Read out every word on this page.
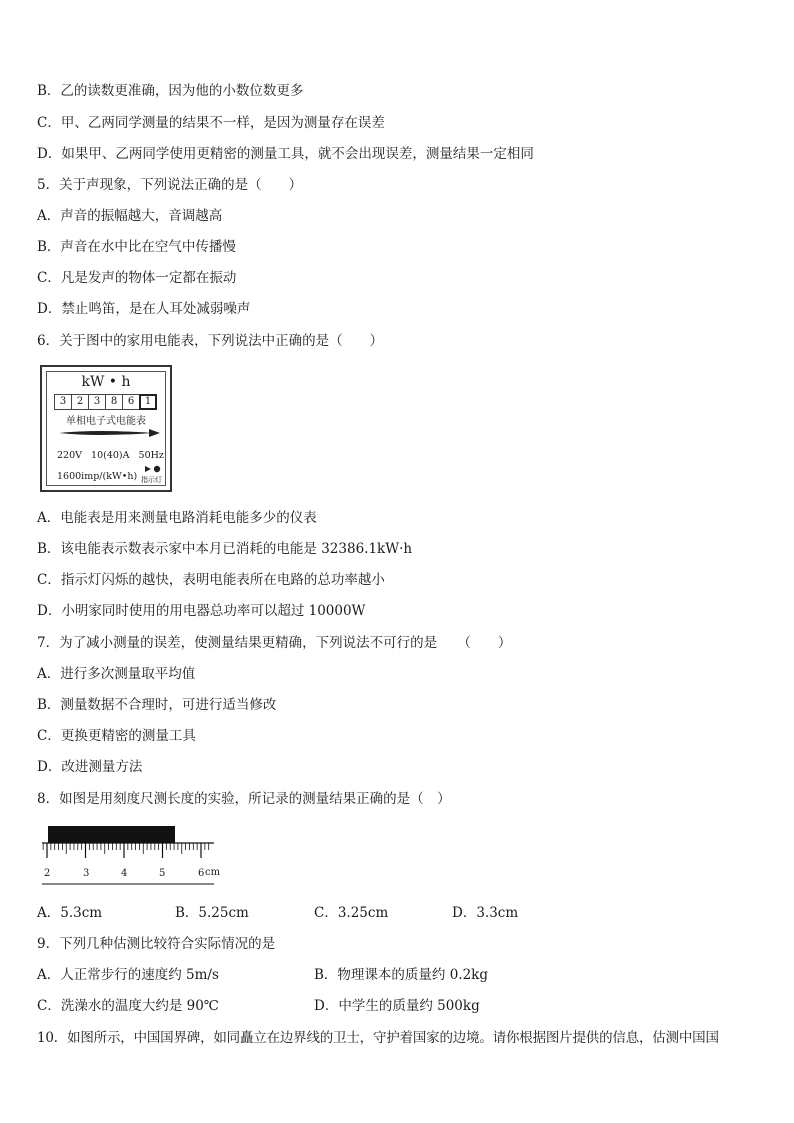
B．乙的读数更准确，因为他的小数位数更多
C．甲、乙两同学测量的结果不一样，是因为测量存在误差
D．如果甲、乙两同学使用更精密的测量工具，就不会出现误差，测量结果一定相同
5．关于声现象，下列说法正确的是（　　）
A．声音的振幅越大，音调越高
B．声音在水中比在空气中传播慢
C．凡是发声的物体一定都在振动
D．禁止鸣笛，是在人耳处减弱噪声
6．关于图中的家用电能表，下列说法中正确的是（　　）
kW • h
3	2	3	8	6	1
单相电子式电能表
220V   10(40)A   50Hz
1600imp/(kW•h) 指示灯
A．电能表是用来测量电路消耗电能多少的仪表
B．该电能表示数表示家中本月已消耗的电能是 32386.1kW·h
C．指示灯闪烁的越快，表明电能表所在电路的总功率越小
D．小明家同时使用的用电器总功率可以超过 10000W
7．为了减小测量的误差，使测量结果更精确，下列说法不可行的是　　（　　）
A．进行多次测量取平均值
B．测量数据不合理时，可进行适当修改
C．更换更精密的测量工具
D．改进测量方法
8．如图是用刻度尺测长度的实验，所记录的测量结果正确的是（　）
2	3	4	5	6 cm
A．5.3cm	B．5.25cm	C．3.25cm	D．3.3cm
9．下列几种估测比较符合实际情况的是
A．人正常步行的速度约 5m/s	B．物理课本的质量约 0.2kg
C．洗澡水的温度大约是 90℃	D．中学生的质量约 500kg
10．如图所示，中国国界碑，如同矗立在边界线的卫士，守护着国家的边境。请你根据图片提供的信息，估测中国国
